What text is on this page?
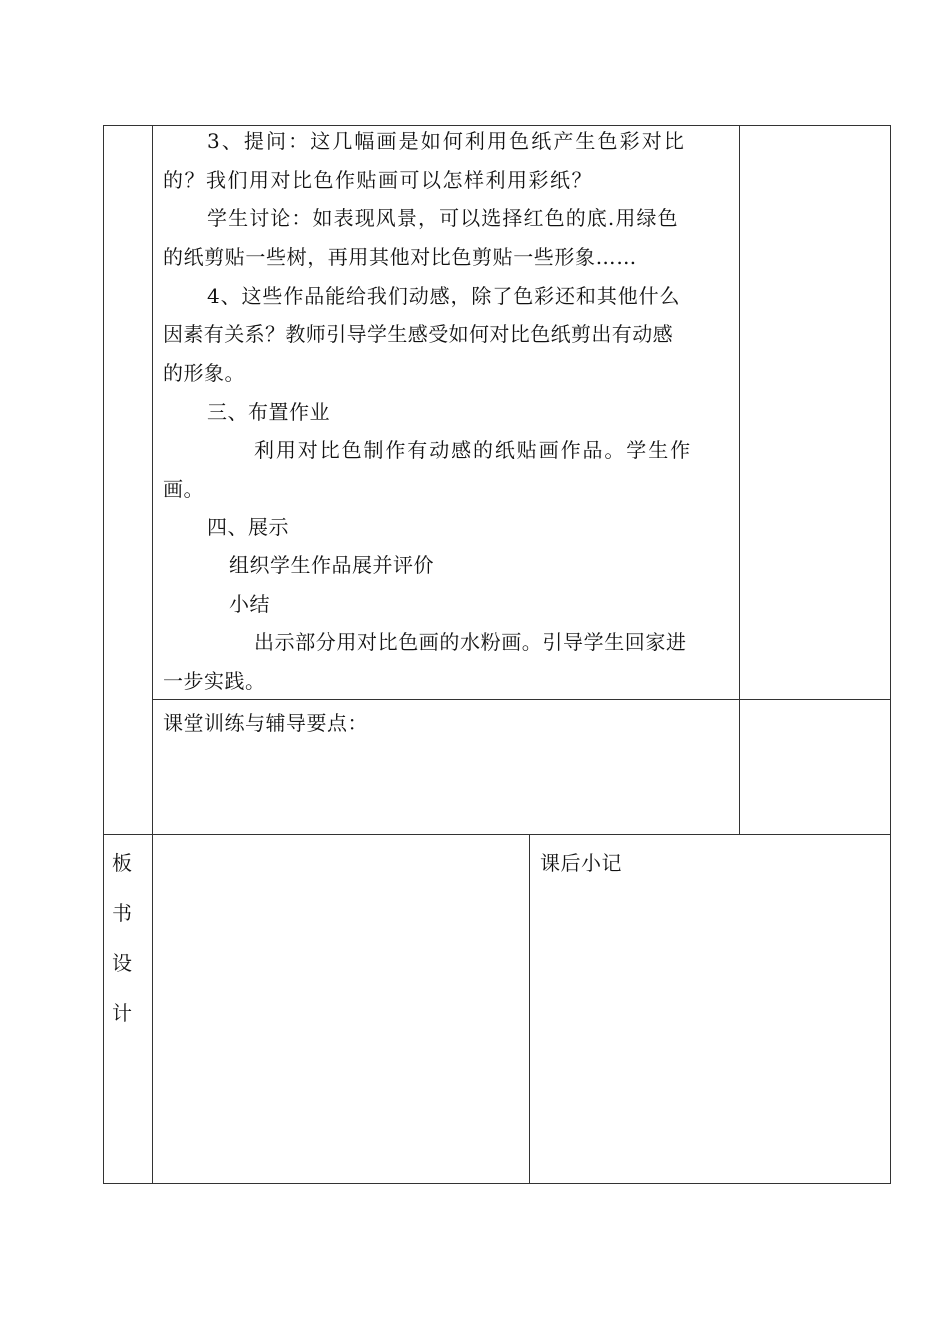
3、提问：这几幅画是如何利用色纸产生色彩对比
的？我们用对比色作贴画可以怎样利用彩纸？
学生讨论：如表现风景，可以选择红色的底.用绿色
的纸剪贴一些树，再用其他对比色剪贴一些形象……
4、这些作品能给我们动感，除了色彩还和其他什么
因素有关系？教师引导学生感受如何对比色纸剪出有动感
的形象。
三、布置作业
利用对比色制作有动感的纸贴画作品。学生作
画。
四、展示
组织学生作品展并评价
小结
出示部分用对比色画的水粉画。引导学生回家进
一步实践。
课堂训练与辅导要点：
板
书
设
计
课后小记
